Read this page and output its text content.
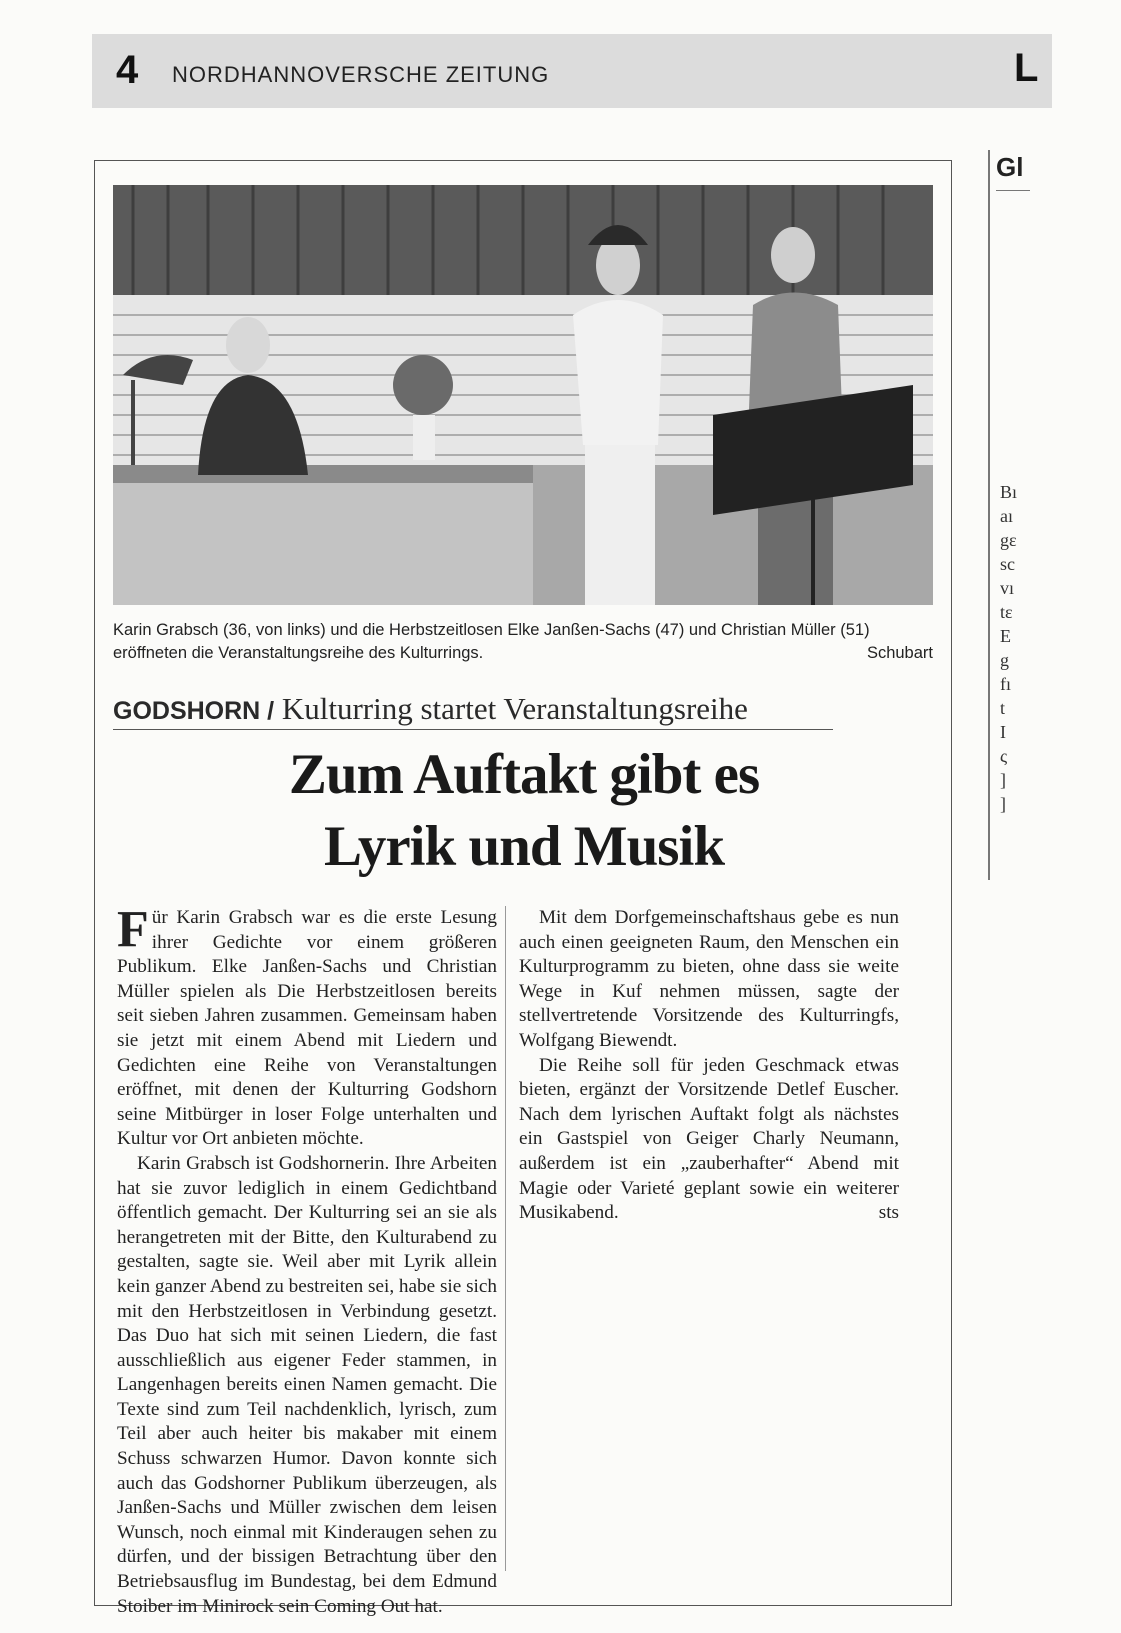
4 NORDHANNOVERSCHE ZEITUNG	L
Karin Grabsch (36, von links) und die Herbstzeitlosen Elke Janßen-Sachs (47) und Christian Müller (51) eröffneten die Veranstaltungsreihe des Kulturrings.	Schubart
GODSHORN / Kulturring startet Veranstaltungsreihe
Zum Auftakt gibt es
Lyrik und Musik

Für Karin Grabsch war es die erste Lesung ihrer Gedichte vor einem größeren Publikum. Elke Janßen-Sachs und Christian Müller spielen als Die Herbstzeitlosen bereits seit sieben Jahren zusammen. Gemeinsam haben sie jetzt mit einem Abend mit Liedern und Gedichten eine Reihe von Veranstaltungen eröffnet, mit denen der Kulturring Godshorn seine Mitbürger in loser Folge unterhalten und Kultur vor Ort anbieten möchte.

Karin Grabsch ist Godshornerin. Ihre Arbeiten hat sie zuvor lediglich in einem Gedichtband öffentlich gemacht. Der Kulturring sei an sie als herangetreten mit der Bitte, den Kulturabend zu gestalten, sagte sie. Weil aber mit Lyrik allein kein ganzer Abend zu bestreiten sei, habe sie sich mit den Herbstzeitlosen in Verbindung gesetzt. Das Duo hat sich mit seinen Liedern, die fast ausschließlich aus eigener Feder stammen, in Langenhagen bereits einen Namen gemacht. Die Texte sind zum Teil nachdenklich, lyrisch, zum Teil aber auch heiter bis makaber mit einem Schuss schwarzen Humor. Davon konnte sich auch das Godshorner Publikum überzeugen, als Janßen-Sachs und Müller zwischen dem leisen Wunsch, noch einmal mit Kinderaugen sehen zu dürfen, und der bissigen Betrachtung über den Betriebsausflug im Bundestag, bei dem Edmund Stoiber im Minirock sein Coming Out hat.

Mit dem Dorfgemeinschaftshaus gebe es nun auch einen geeigneten Raum, den Menschen ein Kulturprogramm zu bieten, ohne dass sie weite Wege in Kuf nehmen müssen, sagte der stellvertretende Vorsitzende des Kulturringfs, Wolfgang Biewendt.

Die Reihe soll für jeden Geschmack etwas bieten, ergänzt der Vorsitzende Detlef Euscher. Nach dem lyrischen Auftakt folgt als nächstes ein Gastspiel von Geiger Charly Neumann, außerdem ist ein „zauberhafter“ Abend mit Magie oder Varieté geplant sowie ein weiterer Musikabend.	sts

Gl
Bı
aı
gε
sc
vı
tε
E
g
fı
t
I
ς
]
]
